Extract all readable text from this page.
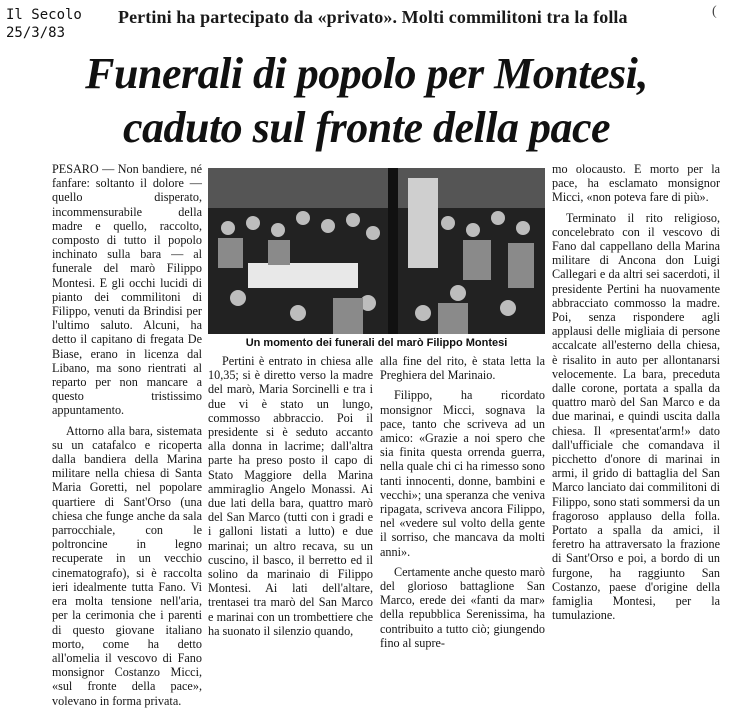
Il Secolo
25/3/83
Pertini ha partecipato da «privato». Molti commilitoni tra la folla	(
Funerali di popolo per Montesi,
caduto sul fronte della pace

PESARO — Non bandiere, né fanfare: soltanto il dolore — quello disperato, incommensurabile della madre e quello, raccolto, composto di tutto il popolo inchinato sulla bara — al funerale del marò Filippo Montesi. E gli occhi lucidi di pianto dei commilitoni di Filippo, venuti da Brindisi per l'ultimo saluto. Alcuni, ha detto il capitano di fregata De Biase, erano in licenza dal Libano, ma sono rientrati al reparto per non mancare a questo tristissimo appuntamento.

Attorno alla bara, sistemata su un catafalco e ricoperta dalla bandiera della Marina militare nella chiesa di Santa Maria Goretti, nel popolare quartiere di Sant'Orso (una chiesa che funge anche da sala parrocchiale, con le poltroncine in legno recuperate in un vecchio cinematografo), si è raccolta ieri idealmente tutta Fano. Vi era molta tensione nell'aria, per la cerimonia che i parenti di questo giovane italiano morto, come ha detto all'omelia il vescovo di Fano monsignor Costanzo Micci, «sul fronte della pace», volevano in forma privata.

Un momento dei funerali del marò Filippo Montesi

Pertini è entrato in chiesa alle 10,35; si è diretto verso la madre del marò, Maria Sorcinelli e tra i due vi è stato un lungo, commosso abbraccio. Poi il presidente si è seduto accanto alla donna in lacrime; dall'altra parte ha preso posto il capo di Stato Maggiore della Marina ammiraglio Angelo Monassi. Ai due lati della bara, quattro marò del San Marco (tutti con i gradi e i galloni listati a lutto) e due marinai; un altro recava, su un cuscino, il basco, il berretto ed il solino da marinaio di Filippo Montesi. Ai lati dell'altare, trentasei tra marò del San Marco e marinai con un trombettiere che ha suonato il silenzio quando,

alla fine del rito, è stata letta la Preghiera del Marinaio.

Filippo, ha ricordato monsignor Micci, sognava la pace, tanto che scriveva ad un amico: «Grazie a noi spero che sia finita questa orrenda guerra, nella quale chi ci ha rimesso sono tanti innocenti, donne, bambini e vecchi»; una speranza che veniva ripagata, scriveva ancora Filippo, nel «vedere sul volto della gente il sorriso, che mancava da molti anni».

Certamente anche questo marò del glorioso battaglione San Marco, erede dei «fanti da mar» della repubblica Serenissima, ha contribuito a tutto ciò; giungendo fino al supre-

mo olocausto. E morto per la pace, ha esclamato monsignor Micci, «non poteva fare di più».

Terminato il rito religioso, concelebrato con il vescovo di Fano dal cappellano della Marina militare di Ancona don Luigi Callegari e da altri sei sacerdoti, il presidente Pertini ha nuovamente abbracciato commosso la madre. Poi, senza rispondere agli applausi delle migliaia di persone accalcate all'esterno della chiesa, è risalito in auto per allontanarsi velocemente. La bara, preceduta dalle corone, portata a spalla da quattro marò del San Marco e da due marinai, e quindi uscita dalla chiesa. Il «presentat'arm!» dato dall'ufficiale che comandava il picchetto d'onore di marinai in armi, il grido di battaglia del San Marco lanciato dai commilitoni di Filippo, sono stati sommersi da un fragoroso applauso della folla. Portato a spalla da amici, il feretro ha attraversato la frazione di Sant'Orso e poi, a bordo di un furgone, ha raggiunto San Costanzo, paese d'origine della famiglia Montesi, per la tumulazione.
